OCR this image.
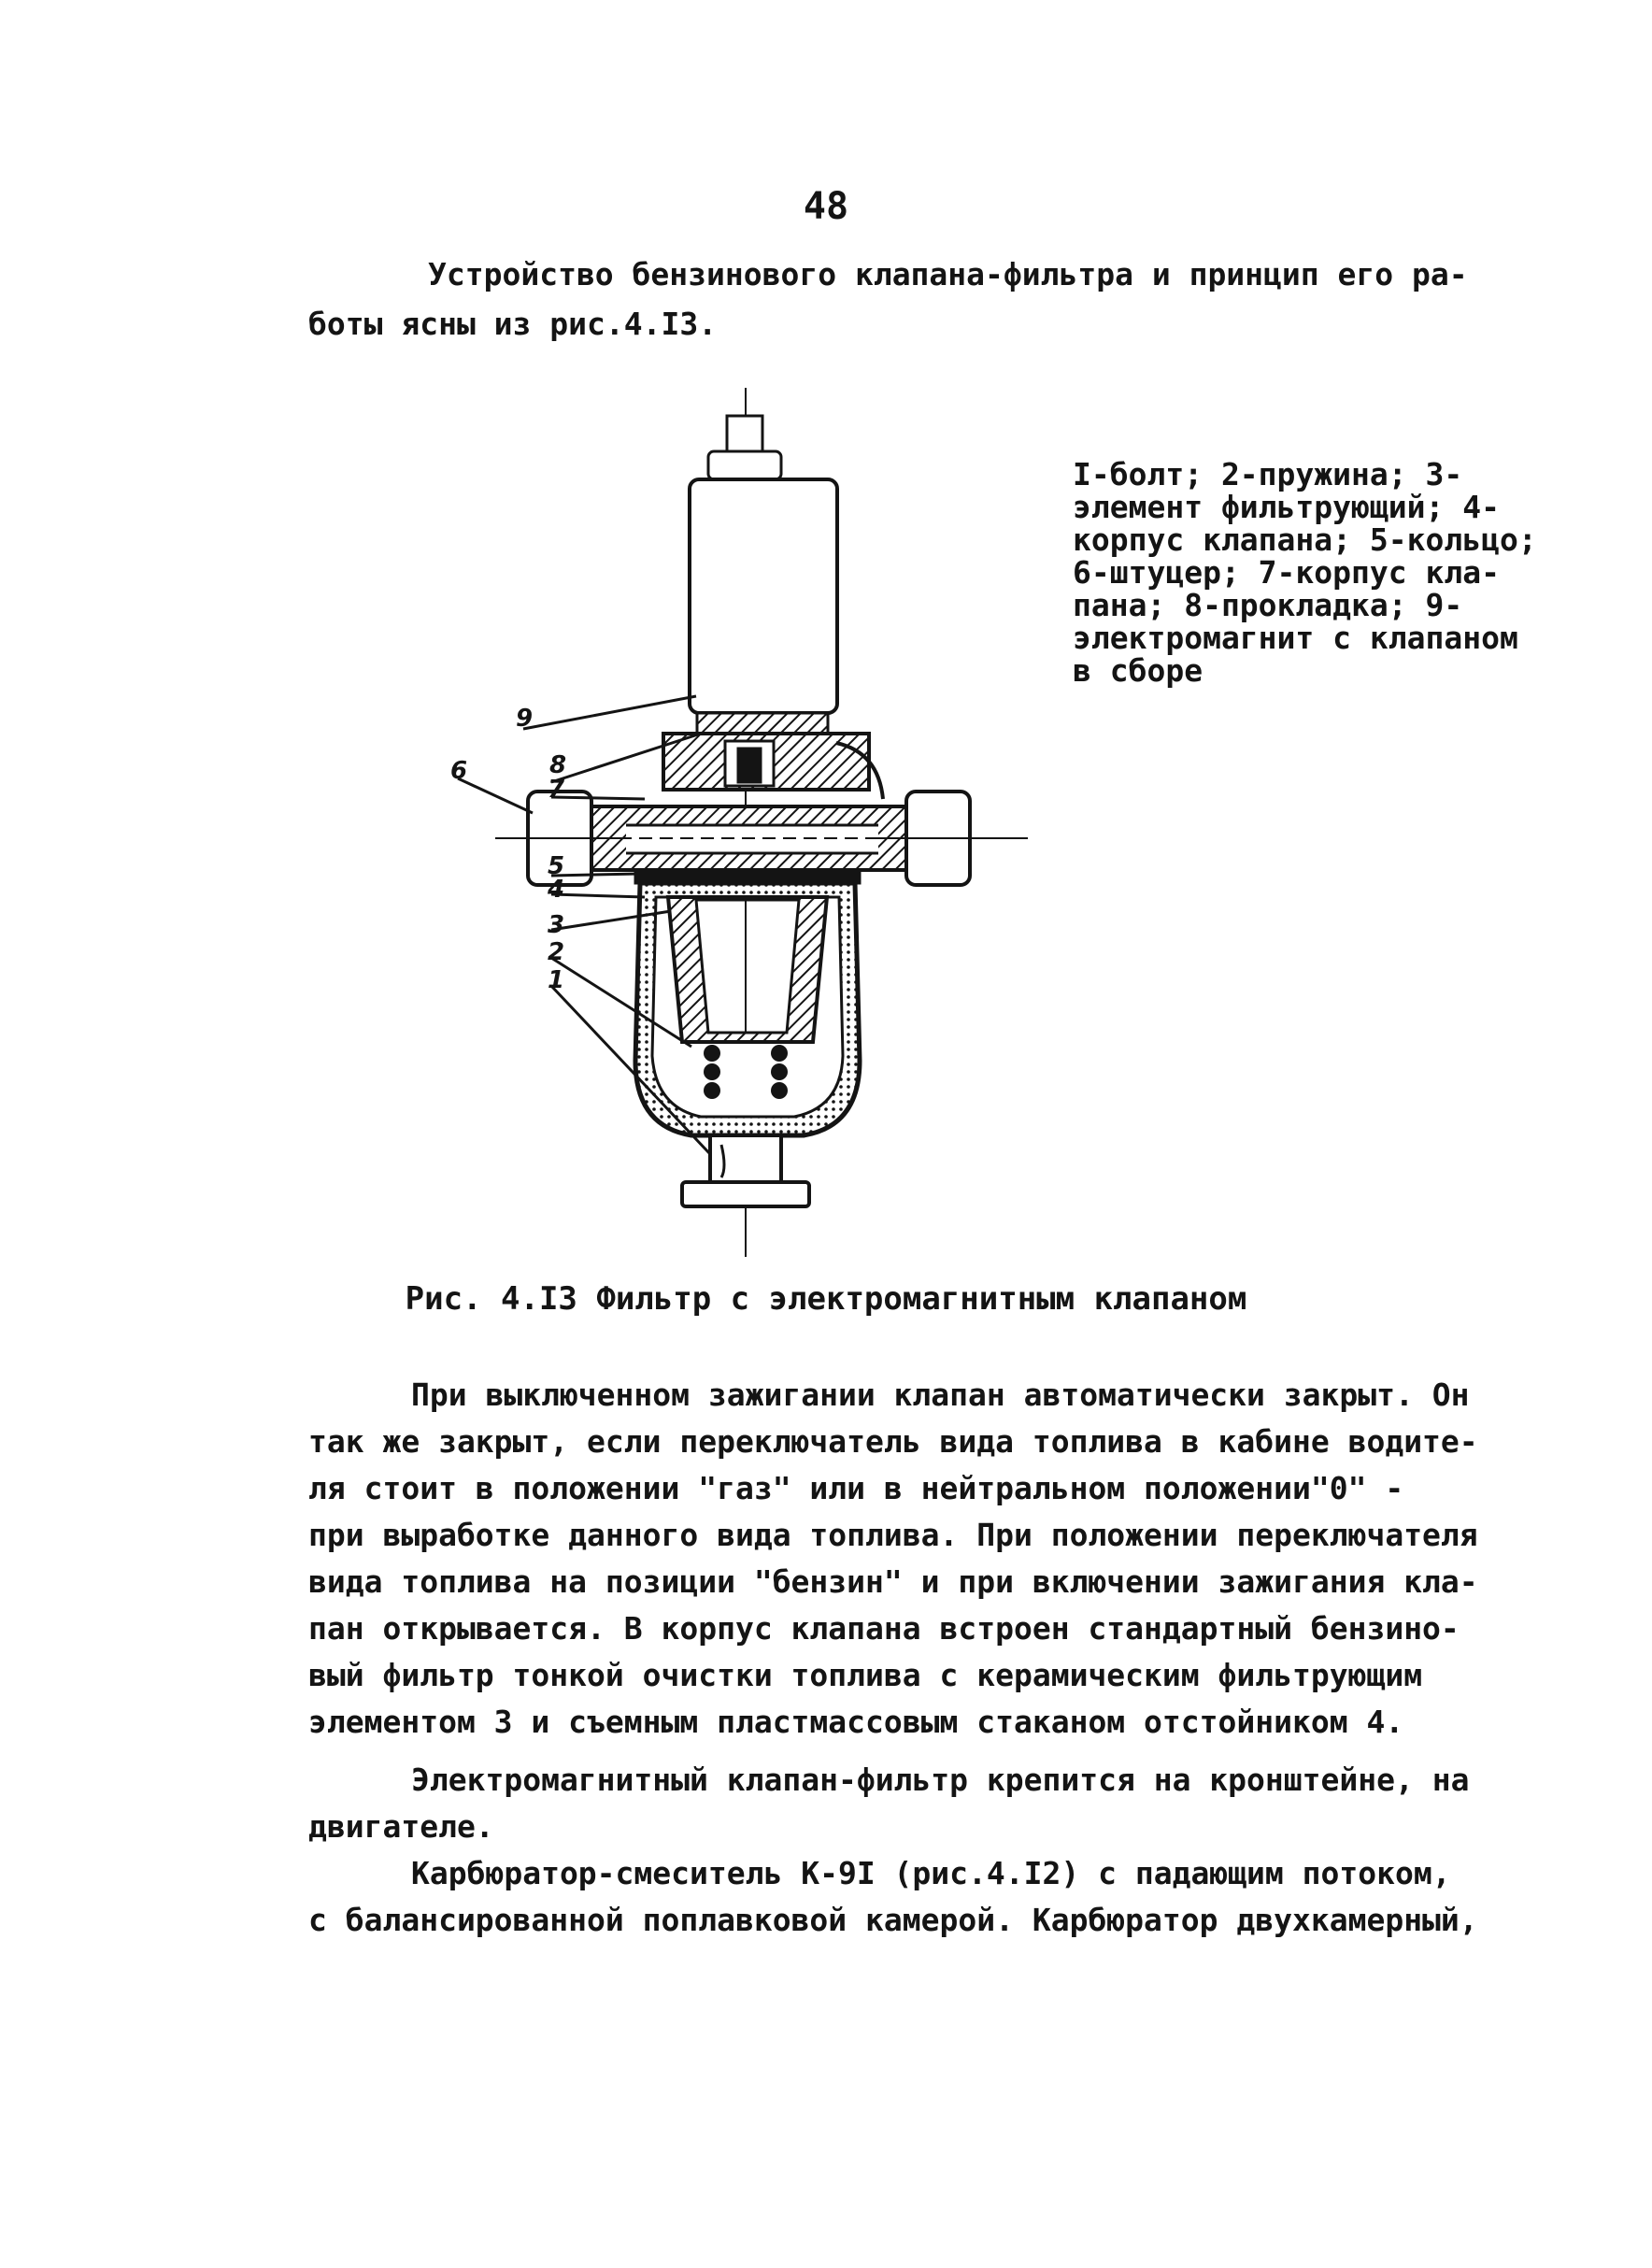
48

Устройство бензинового клапана-фильтра и принцип его ра-
боты ясны из рис.4.I3.

I-болт; 2-пружина; 3-
элемент фильтрующий; 4-
корпус клапана; 5-кольцо;
6-штуцер; 7-корпус кла-
пана; 8-прокладка; 9-
электромагнит с клапаном
в сборе
9
8
6
7
5
4
3
2
1
Рис. 4.I3 Фильтр с электромагнитным клапаном
При выключенном зажигании клапан автоматически закрыт. Он
так же закрыт, если переключатель вида топлива в кабине водите-
ля стоит в положении "газ" или в нейтральном положении"0" -
при выработке данного вида топлива. При положении переключателя
вида топлива на позиции "бензин" и при включении зажигания кла-
пан открывается. В корпус клапана встроен стандартный бензино-
вый фильтр тонкой очистки топлива с керамическим фильтрующим
элементом 3 и съемным пластмассовым стаканом отстойником 4.
Электромагнитный клапан-фильтр крепится на кронштейне, на
двигателе.
Карбюратор-смеситель К-9I (рис.4.I2) с падающим потоком,
с балансированной поплавковой камерой. Карбюратор двухкамерный,
